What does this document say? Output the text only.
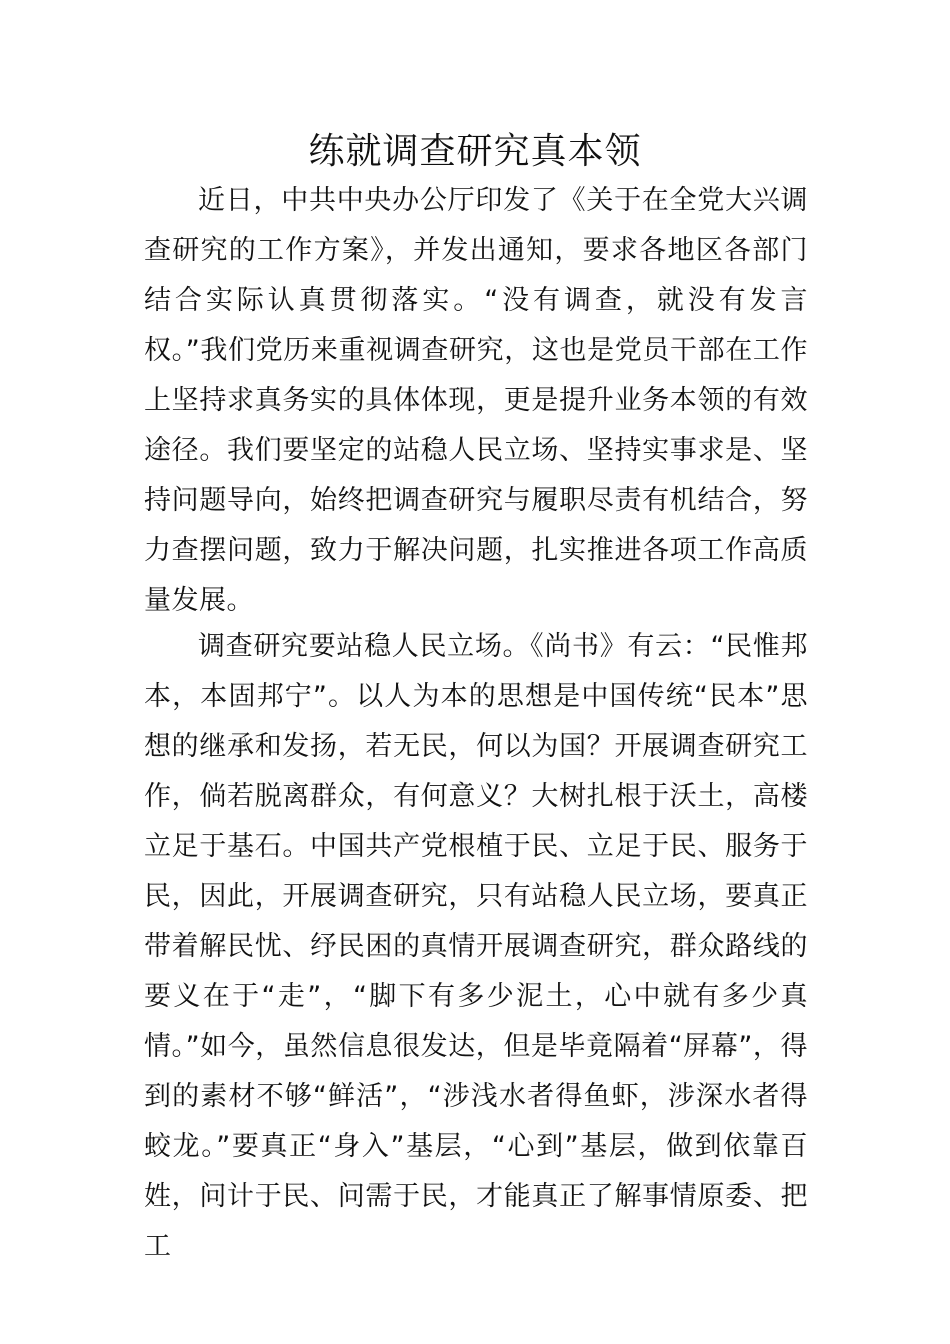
练就调查研究真本领

近日，中共中央办公厅印发了《关于在全党大兴调查研究的工作方案》，并发出通知，要求各地区各部门结合实际认真贯彻落实。“没有调查，就没有发言权。”我们党历来重视调查研究，这也是党员干部在工作上坚持求真务实的具体体现，更是提升业务本领的有效途径。我们要坚定的站稳人民立场、坚持实事求是、坚持问题导向，始终把调查研究与履职尽责有机结合，努力查摆问题，致力于解决问题，扎实推进各项工作高质量发展。

调查研究要站稳人民立场。《尚书》有云：“民惟邦本，本固邦宁”。以人为本的思想是中国传统“民本”思想的继承和发扬，若无民，何以为国？开展调查研究工作，倘若脱离群众，有何意义？大树扎根于沃土，高楼立足于基石。中国共产党根植于民、立足于民、服务于民，因此，开展调查研究，只有站稳人民立场，要真正带着解民忧、纾民困的真情开展调查研究，群众路线的要义在于“走”，“脚下有多少泥土，心中就有多少真情。”如今，虽然信息很发达，但是毕竟隔着“屏幕”，得到的素材不够“鲜活”，“涉浅水者得鱼虾，涉深水者得蛟龙。”要真正“身入”基层，“心到”基层，做到依靠百姓，问计于民、问需于民，才能真正了解事情原委、把工
